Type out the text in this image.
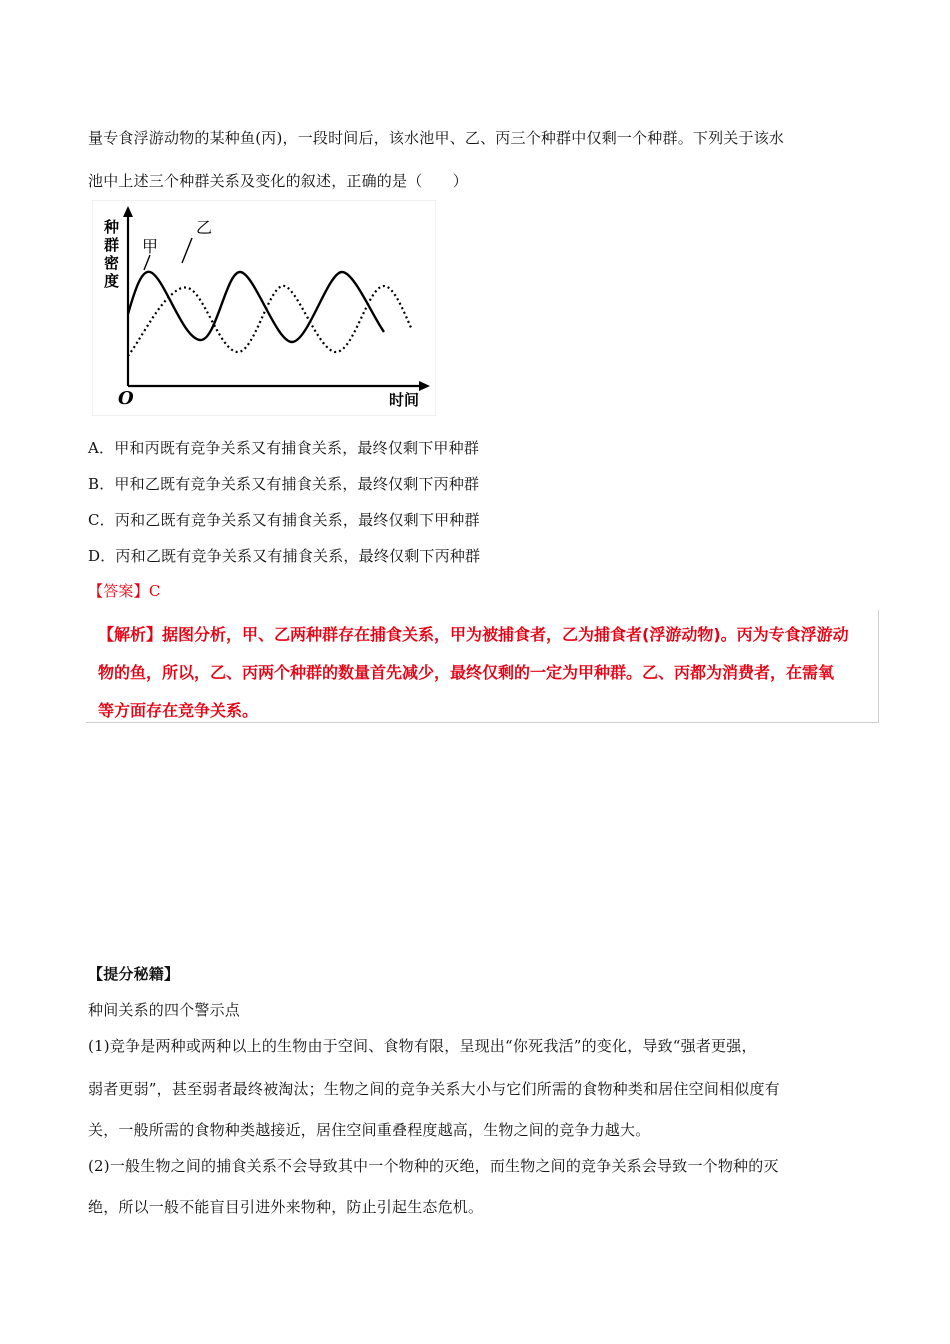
量专食浮游动物的某种鱼(丙)，一段时间后，该水池甲、乙、丙三个种群中仅剩一个种群。下列关于该水
池中上述三个种群关系及变化的叙述，正确的是（　　）
种
群
密
度
时间
O
甲
乙
A．甲和丙既有竞争关系又有捕食关系，最终仅剩下甲种群
B．甲和乙既有竞争关系又有捕食关系，最终仅剩下丙种群
C．丙和乙既有竞争关系又有捕食关系，最终仅剩下甲种群
D．丙和乙既有竞争关系又有捕食关系，最终仅剩下丙种群
【答案】C
【解析】据图分析，甲、乙两种群存在捕食关系，甲为被捕食者，乙为捕食者(浮游动物)。丙为专食浮游动
物的鱼，所以，乙、丙两个种群的数量首先减少，最终仅剩的一定为甲种群。乙、丙都为消费者，在需氧
等方面存在竞争关系。
【提分秘籍】
种间关系的四个警示点
(1)竞争是两种或两种以上的生物由于空间、食物有限，呈现出“你死我活”的变化，导致“强者更强，
弱者更弱”，甚至弱者最终被淘汰；生物之间的竞争关系大小与它们所需的食物种类和居住空间相似度有
关，一般所需的食物种类越接近，居住空间重叠程度越高，生物之间的竞争力越大。
(2)一般生物之间的捕食关系不会导致其中一个物种的灭绝，而生物之间的竞争关系会导致一个物种的灭
绝，所以一般不能盲目引进外来物种，防止引起生态危机。
